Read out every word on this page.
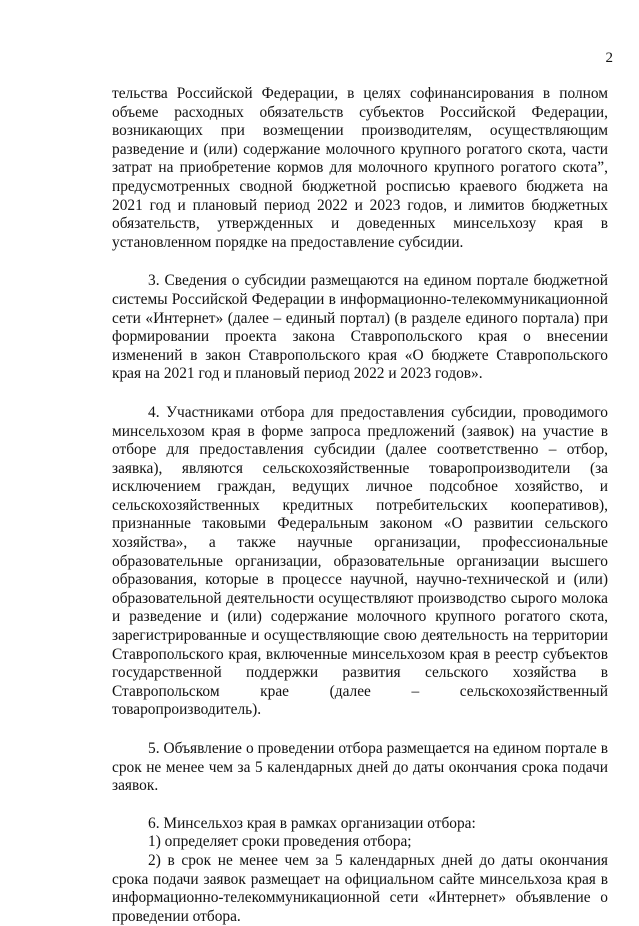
2

тельства Российской Федерации, в целях софинансирования в полном объеме расходных обязательств субъектов Российской Федерации, возникающих при возмещении производителям, осуществляющим разведение и (или) содержание молочного крупного рогатого скота, части затрат на приобретение кормов для молочного крупного рогатого скота”, предусмотренных сводной бюджетной росписью краевого бюджета на 2021 год и плановый период 2022 и 2023 годов, и лимитов бюджетных обязательств, утвержденных и доведенных минсельхозу края в установленном порядке на предоставление субсидии.

3. Сведения о субсидии размещаются на едином портале бюджетной системы Российской Федерации в информационно-телекоммуникационной сети «Интернет» (далее – единый портал) (в разделе единого портала) при формировании проекта закона Ставропольского края о внесении изменений в закон Ставропольского края «О бюджете Ставропольского края на 2021 год и плановый период 2022 и 2023 годов».

4. Участниками отбора для предоставления субсидии, проводимого минсельхозом края в форме запроса предложений (заявок) на участие в отборе для предоставления субсидии (далее соответственно – отбор, заявка), являются сельскохозяйственные товаропроизводители (за исключением граждан, ведущих личное подсобное хозяйство, и сельскохозяйственных кредитных потребительских кооперативов), признанные таковыми Федеральным законом «О развитии сельского хозяйства», а также научные организации, профессиональные образовательные организации, образовательные организации высшего образования, которые в процессе научной, научно-технической и (или) образовательной деятельности осуществляют производство сырого молока и разведение и (или) содержание молочного крупного рогатого скота, зарегистрированные и осуществляющие свою деятельность на территории Ставропольского края, включенные минсельхозом края в реестр субъектов государственной поддержки развития сельского хозяйства в Ставропольском крае (далее – сельскохозяйственный товаропроизводитель).

5. Объявление о проведении отбора размещается на едином портале в срок не менее чем за 5 календарных дней до даты окончания срока подачи заявок.

6. Минсельхоз края в рамках организации отбора:

1) определяет сроки проведения отбора;

2) в срок не менее чем за 5 календарных дней до даты окончания срока подачи заявок размещает на официальном сайте минсельхоза края в информационно-телекоммуникационной сети «Интернет» объявление о проведении отбора.
